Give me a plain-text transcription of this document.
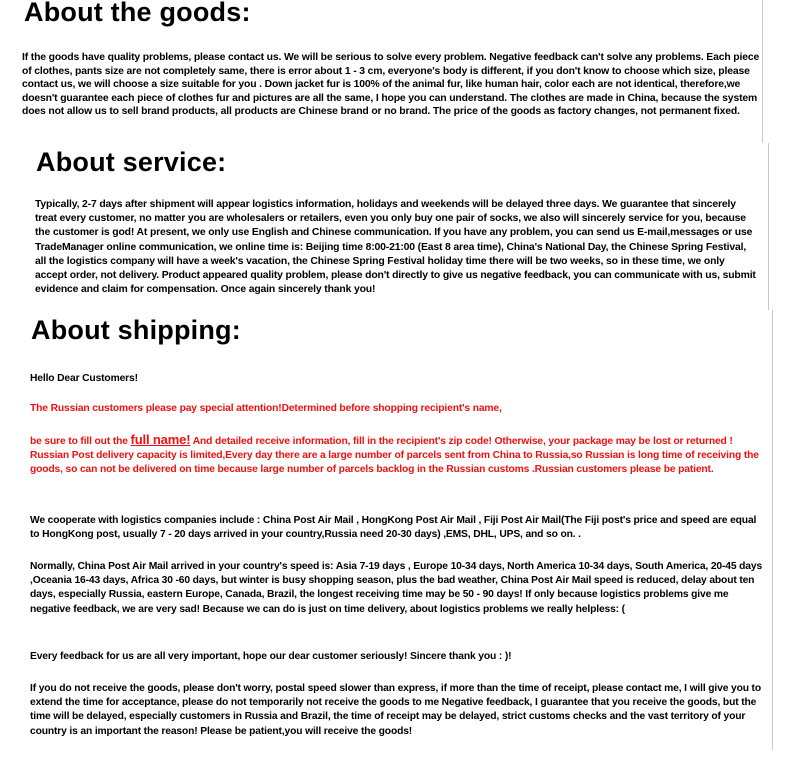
About the goods:

If the goods have quality problems, please contact us. We will be serious to solve every problem. Negative feedback can't solve any problems. Each piece of clothes, pants size are not completely same, there is error about 1 - 3 cm, everyone's body is different, if you don't know to choose which size, please contact us, we will choose a size suitable for you . Down jacket fur is 100% of the animal fur, like human hair, color each are not identical, therefore,we doesn't guarantee each piece of clothes fur and pictures are all the same, I hope you can understand. The clothes are made in China, because the system does not allow us to sell brand products, all products are Chinese brand or no brand. The price of the goods as factory changes, not permanent fixed.

About service:

Typically, 2-7 days after shipment will appear logistics information, holidays and weekends will be delayed three days. We guarantee that sincerely treat every customer, no matter you are wholesalers or retailers, even you only buy one pair of socks, we also will sincerely service for you, because the customer is god! At present, we only use English and Chinese communication. If you have any problem, you can send us E-mail,messages or use TradeManager online communication, we online time is: Beijing time 8:00-21:00 (East 8 area time), China's National Day, the Chinese Spring Festival, all the logistics company will have a week's vacation, the Chinese Spring Festival holiday time there will be two weeks, so in these time, we only accept order, not delivery. Product appeared quality problem, please don't directly to give us negative feedback, you can communicate with us, submit evidence and claim for compensation. Once again sincerely thank you!

About shipping:

Hello Dear Customers!

The Russian customers please pay special attention!Determined before shopping recipient's name,

be sure to fill out the full name! And detailed receive information, fill in the recipient's zip code! Otherwise, your package may be lost or returned ! Russian Post delivery capacity is limited,Every day there are a large number of parcels sent from China to Russia,so Russian is long time of receiving the goods, so can not be delivered on time because large number of parcels backlog in the Russian customs .Russian customers please be patient.

We cooperate with logistics companies include : China Post Air Mail , HongKong Post Air Mail , Fiji Post Air Mail(The Fiji post's price and speed are equal to HongKong post, usually 7 - 20 days arrived in your country,Russia need 20-30 days) ,EMS, DHL, UPS, and so on. .

Normally, China Post Air Mail arrived in your country's speed is: Asia 7-19 days , Europe 10-34 days, North America 10-34 days, South America, 20-45 days ,Oceania 16-43 days, Africa 30 -60 days, but winter is busy shopping season, plus the bad weather, China Post Air Mail speed is reduced, delay about ten days, especially Russia, eastern Europe, Canada, Brazil, the longest receiving time may be 50 - 90 days! If only because logistics problems give me negative feedback, we are very sad! Because we can do is just on time delivery, about logistics problems we really helpless: (

Every feedback for us are all very important, hope our dear customer seriously! Sincere thank you : )!

If you do not receive the goods, please don't worry, postal speed slower than express, if more than the time of receipt, please contact me, I will give you to extend the time for acceptance, please do not temporarily not receive the goods to me Negative feedback, I guarantee that you receive the goods, but the time will be delayed, especially customers in Russia and Brazil, the time of receipt may be delayed, strict customs checks and the vast territory of your country is an important the reason! Please be patient,you will receive the goods!
